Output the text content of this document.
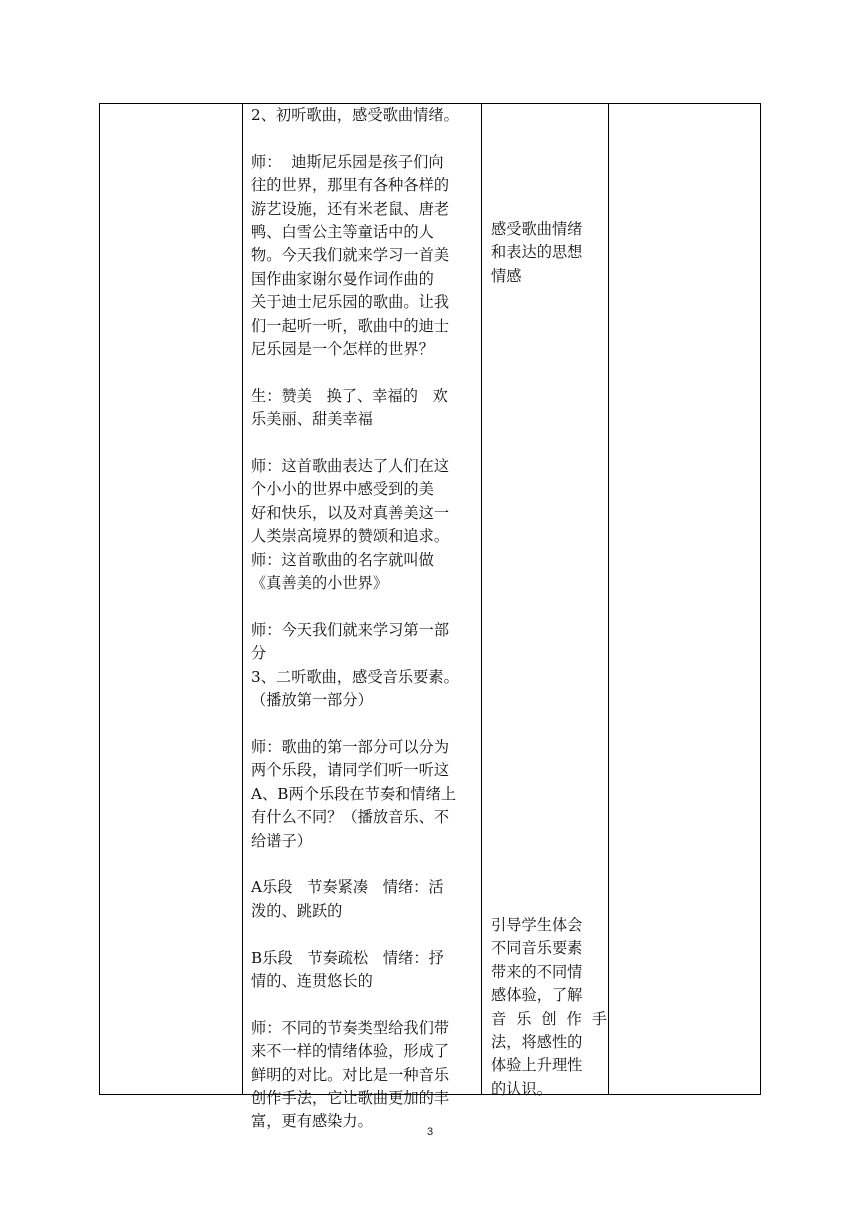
2、初听歌曲，感受歌曲情绪。

师：  迪斯尼乐园是孩子们向

往的世界，那里有各种各样的

游艺设施，还有米老鼠、唐老

鸭、白雪公主等童话中的人

物。今天我们就来学习一首美

国作曲家谢尔曼作词作曲的

关于迪士尼乐园的歌曲。让我

们一起听一听，歌曲中的迪士

尼乐园是一个怎样的世界？

生：赞美   换了、幸福的   欢

乐美丽、甜美幸福

师：这首歌曲表达了人们在这

个小小的世界中感受到的美

好和快乐，以及对真善美这一

人类崇高境界的赞颂和追求。

师：这首歌曲的名字就叫做

《真善美的小世界》

师：今天我们就来学习第一部

分

3、二听歌曲，感受音乐要素。

（播放第一部分）

师：歌曲的第一部分可以分为

两个乐段，请同学们听一听这

A、B两个乐段在节奏和情绪上

有什么不同？（播放音乐、不

给谱子）

A乐段   节奏紧凑   情绪：活

泼的、跳跃的

B乐段   节奏疏松   情绪：抒

情的、连贯悠长的

师：不同的节奏类型给我们带

来不一样的情绪体验，形成了

鲜明的对比。对比是一种音乐

创作手法，它让歌曲更加的丰

富，更有感染力。

感受歌曲情绪

和表达的思想

情感

引导学生体会

不同音乐要素

带来的不同情

感体验，了解

音 乐 创 作 手

法，将感性的

体验上升理性

的认识。

3
